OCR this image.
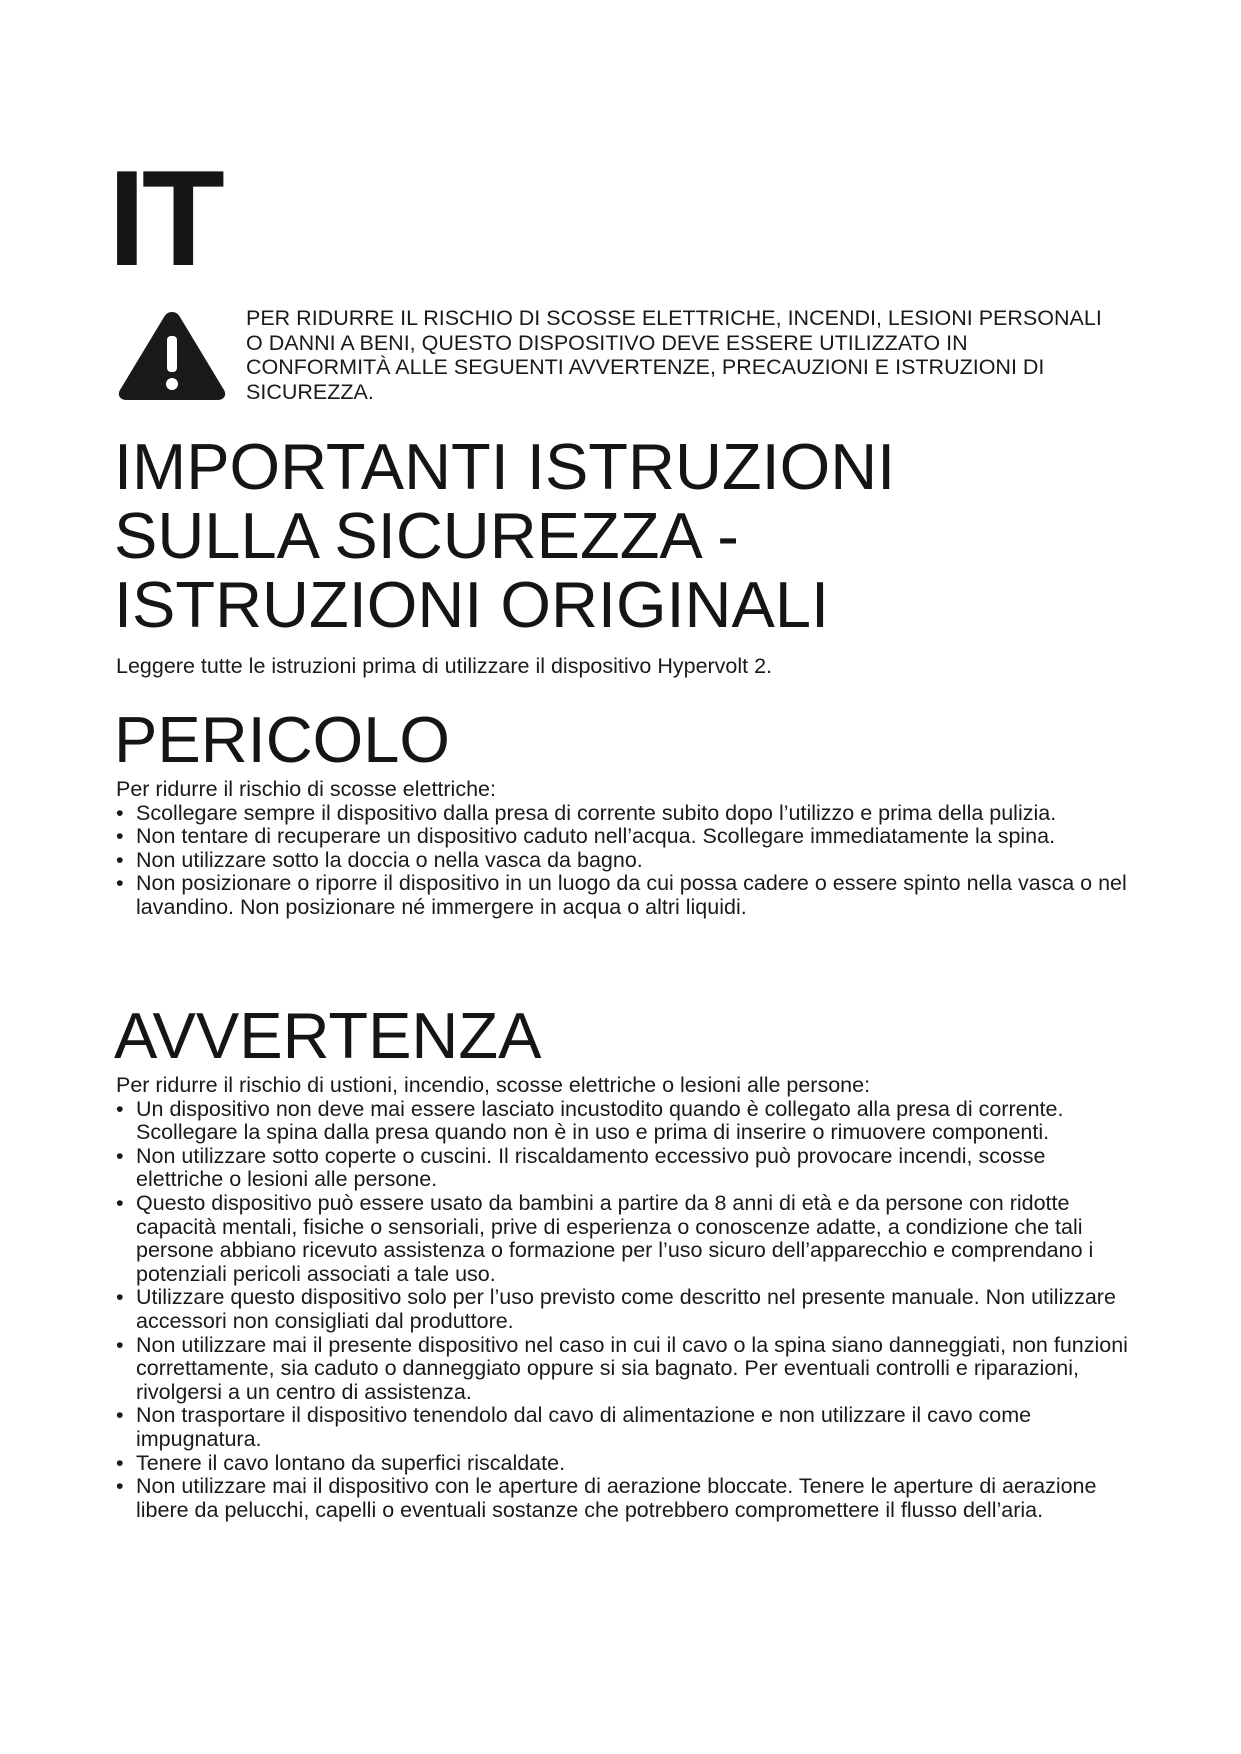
IT
PER RIDURRE IL RISCHIO DI SCOSSE ELETTRICHE, INCENDI, LESIONI PERSONALI O DANNI A BENI, QUESTO DISPOSITIVO DEVE ESSERE UTILIZZATO IN CONFORMITÀ ALLE SEGUENTI AVVERTENZE, PRECAUZIONI E ISTRUZIONI DI SICUREZZA.
IMPORTANTI ISTRUZIONI
SULLA SICUREZZA -
ISTRUZIONI ORIGINALI

Leggere tutte le istruzioni prima di utilizzare il dispositivo Hypervolt 2.

PERICOLO

Per ridurre il rischio di scosse elettriche:

• Scollegare sempre il dispositivo dalla presa di corrente subito dopo l’utilizzo e prima della pulizia.
• Non tentare di recuperare un dispositivo caduto nell’acqua. Scollegare immediatamente la spina.
• Non utilizzare sotto la doccia o nella vasca da bagno.
• Non posizionare o riporre il dispositivo in un luogo da cui possa cadere o essere spinto nella vasca o nel lavandino. Non posizionare né immergere in acqua o altri liquidi.
AVVERTENZA

Per ridurre il rischio di ustioni, incendio, scosse elettriche o lesioni alle persone:

• Un dispositivo non deve mai essere lasciato incustodito quando è collegato alla presa di corrente. Scollegare la spina dalla presa quando non è in uso e prima di inserire o rimuovere componenti.
• Non utilizzare sotto coperte o cuscini. Il riscaldamento eccessivo può provocare incendi, scosse elettriche o lesioni alle persone.
• Questo dispositivo può essere usato da bambini a partire da 8 anni di età e da persone con ridotte capacità mentali, fisiche o sensoriali, prive di esperienza o conoscenze adatte, a condizione che tali persone abbiano ricevuto assistenza o formazione per l’uso sicuro dell’apparecchio e comprendano i potenziali pericoli associati a tale uso.
• Utilizzare questo dispositivo solo per l’uso previsto come descritto nel presente manuale. Non utilizzare accessori non consigliati dal produttore.
• Non utilizzare mai il presente dispositivo nel caso in cui il cavo o la spina siano danneggiati, non funzioni correttamente, sia caduto o danneggiato oppure si sia bagnato. Per eventuali controlli e riparazioni, rivolgersi a un centro di assistenza.
• Non trasportare il dispositivo tenendolo dal cavo di alimentazione e non utilizzare il cavo come impugnatura.
• Tenere il cavo lontano da superfici riscaldate.
• Non utilizzare mai il dispositivo con le aperture di aerazione bloccate. Tenere le aperture di aerazione libere da pelucchi, capelli o eventuali sostanze che potrebbero compromettere il flusso dell’aria.
